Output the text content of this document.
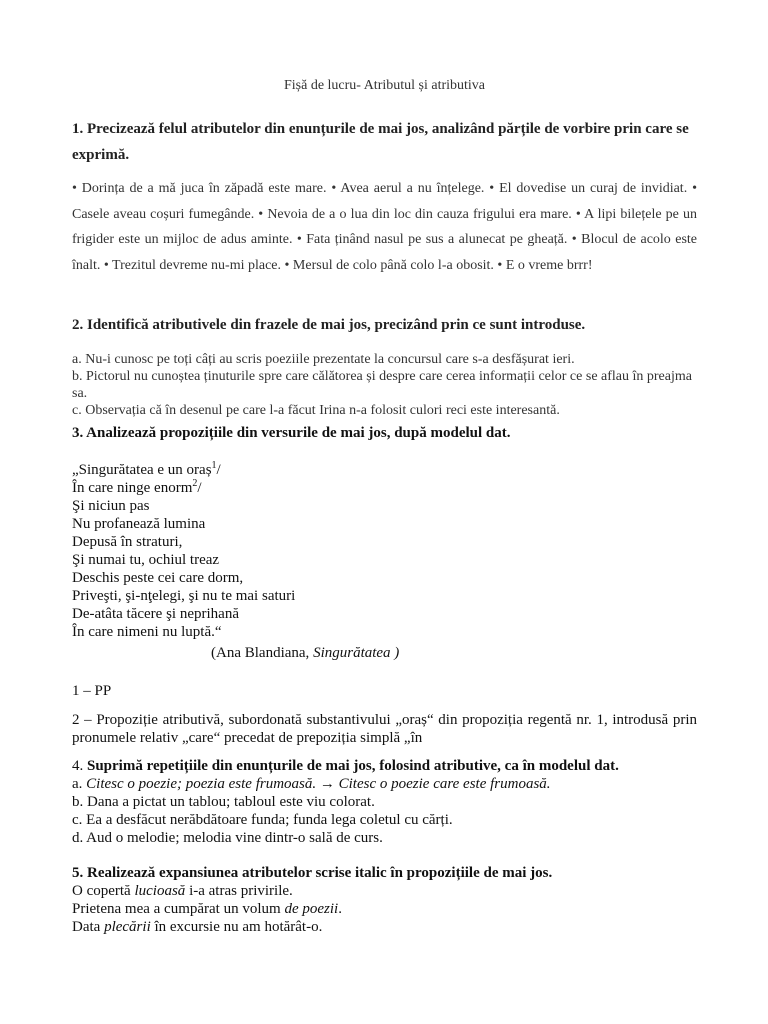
Fișă de lucru- Atributul și atributiva
1. Precizează felul atributelor din enunțurile de mai jos, analizând părțile de vorbire prin care se exprimă.
• Dorința de a mă juca în zăpadă este mare. • Avea aerul a nu înțelege. • El dovedise un curaj de invidiat. • Casele aveau coșuri fumegânde. • Nevoia de a o lua din loc din cauza frigului era mare. • A lipi bilețele pe un frigider este un mijloc de adus aminte. • Fata ținând nasul pe sus a alunecat pe gheață. • Blocul de acolo este înalt. • Trezitul devreme nu-mi place. • Mersul de colo până colo l-a obosit. • E o vreme brrr!
2. Identifică atributivele din frazele de mai jos, precizând prin ce sunt introduse.
a. Nu-i cunosc pe toți câți au scris poeziile prezentate la concursul care s-a desfășurat ieri.
b. Pictorul nu cunoștea ținuturile spre care călătorea și despre care cerea informații celor ce se aflau în preajma sa.
c. Observația că în desenul pe care l-a făcut Irina n-a folosit culori reci este interesantă.
3. Analizează propozițiile din versurile de mai jos, după modelul dat.
„Singurătatea e un oraș$^1$/
În care ninge enorm$^2$/
Şi niciun pas
Nu profanează lumina
Depusă în straturi,
Şi numai tu, ochiul treaz
Deschis peste cei care dorm,
Priveşti, şi-nţelegi, şi nu te mai saturi
De-atâta tăcere şi neprihană
În care nimeni nu luptă.“
(Ana Blandiana, Singurătatea )
1 – PP
2 – Propoziție atributivă, subordonată substantivului „oraș“ din propoziția regentă nr. 1, introdusă prin pronumele relativ „care“ precedat de prepoziția simplă „în
4. Suprimă repetițiile din enunțurile de mai jos, folosind atributive, ca în modelul dat.
a. Citesc o poezie; poezia este frumoasă. → Citesc o poezie care este frumoasă.
b. Dana a pictat un tablou; tabloul este viu colorat.
c. Ea a desfăcut nerăbdătoare funda; funda lega coletul cu cărți.
d. Aud o melodie; melodia vine dintr-o sală de curs.
5. Realizează expansiunea atributelor scrise italic în propozițiile de mai jos.
O copertă lucioasă i-a atras privirile.
Prietena mea a cumpărat un volum de poezii.
Data plecării în excursie nu am hotărât-o.
